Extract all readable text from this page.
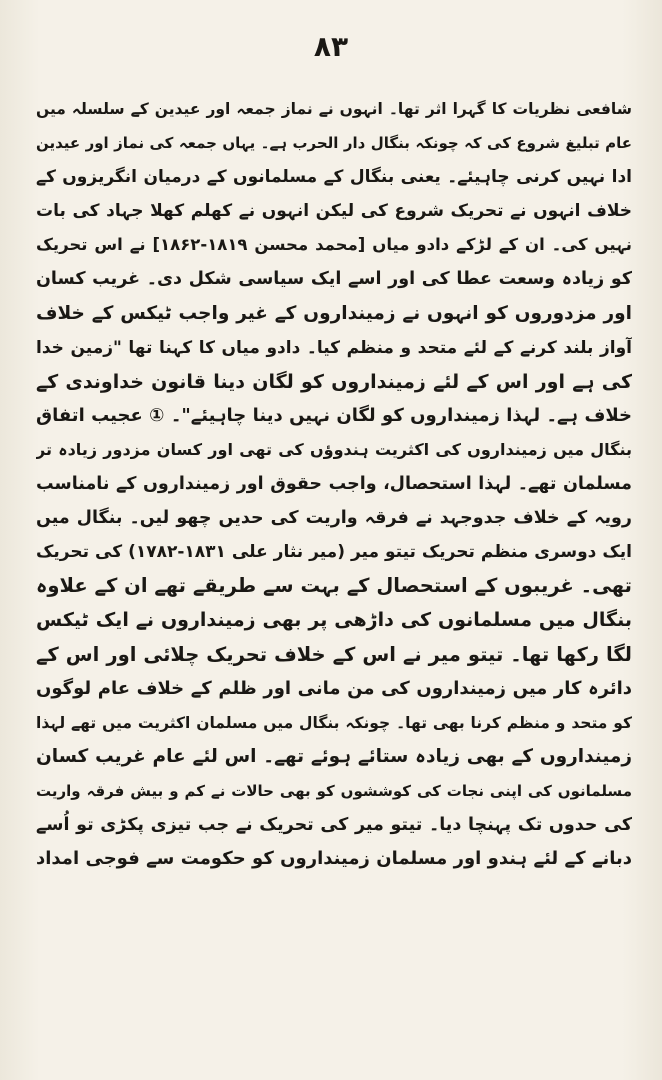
۸۳
شافعی نظریات کا گہرا اثر تھا۔ انہوں نے نماز جمعہ اور عیدین کے سلسلہ میں
عام تبلیغ شروع کی کہ چونکہ بنگال دار الحرب ہے۔ یہاں جمعہ کی نماز اور عیدین
ادا نہیں کرنی چاہیئے۔ یعنی بنگال کے مسلمانوں کے درمیان انگریزوں کے
خلاف انہوں نے تحریک شروع کی لیکن انہوں نے کھلم کھلا جہاد کی بات
نہیں کی۔ ان کے لڑکے دادو میاں [محمد محسن ۱۸۱۹-۱۸۶۲] نے اس تحریک
کو زیادہ وسعت عطا کی اور اسے ایک سیاسی شکل دی۔ غریب کسان
اور مزدوروں کو انہوں نے زمینداروں کے غیر واجب ٹیکس کے خلاف
آواز بلند کرنے کے لئے متحد و منظم کیا۔ دادو میاں کا کہنا تھا "زمین خدا
کی ہے اور اس کے لئے زمینداروں کو لگان دینا قانون خداوندی کے
خلاف ہے۔ لہذا زمینداروں کو لگان نہیں دینا چاہیئے"۔ ① عجیب اتفاق
بنگال میں زمینداروں کی اکثریت ہندوؤں کی تھی اور کسان مزدور زیادہ تر
مسلمان تھے۔ لہذا استحصال، واجب حقوق اور زمینداروں کے نامناسب
رویہ کے خلاف جدوجہد نے فرقہ واریت کی حدیں چھو لیں۔ بنگال میں
ایک دوسری منظم تحریک تیتو میر (میر نثار علی ۱۸۳۱-۱۷۸۲) کی تحریک
تھی۔ غریبوں کے استحصال کے بہت سے طریقے تھے ان کے علاوہ
بنگال میں مسلمانوں کی داڑھی پر بھی زمینداروں نے ایک ٹیکس
لگا رکھا تھا۔ تیتو میر نے اس کے خلاف تحریک چلائی اور اس کے
دائرہ کار میں زمینداروں کی من مانی اور ظلم کے خلاف عام لوگوں
کو متحد و منظم کرنا بھی تھا۔ چونکہ بنگال میں مسلمان اکثریت میں تھے لہذا
زمینداروں کے بھی زیادہ ستائے ہوئے تھے۔ اس لئے عام غریب کسان
مسلمانوں کی اپنی نجات کی کوششوں کو بھی حالات نے کم و بیش فرقہ واریت
کی حدوں تک پہنچا دیا۔ تیتو میر کی تحریک نے جب تیزی پکڑی تو اُسے
دبانے کے لئے ہندو اور مسلمان زمینداروں کو حکومت سے فوجی امداد
